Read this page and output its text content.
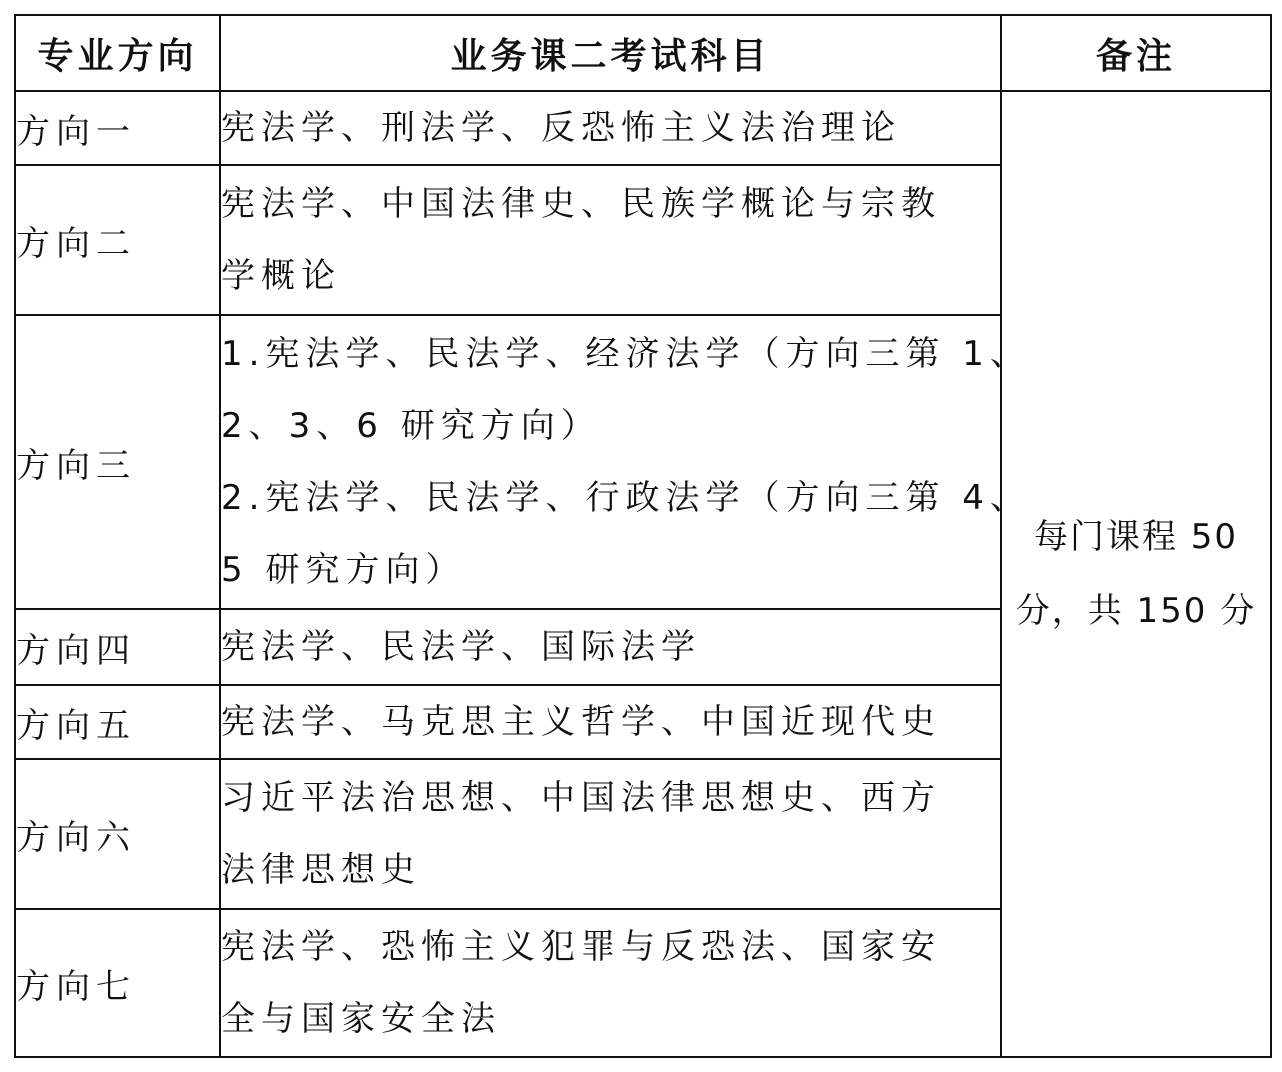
专业方向	业务课二考试科目	备注
方向一	宪法学、刑法学、反恐怖主义法治理论	每门课程 50
分，共 150 分

方向二	宪法学、中国法律史、民族学概论与宗教
学概论	

方向三	1.宪法学、民法学、经济法学（方向三第 1、
2、3、6 研究方向）
2.宪法学、民法学、行政法学（方向三第 4、
5 研究方向）	

方向四	宪法学、民法学、国际法学	

方向五	宪法学、马克思主义哲学、中国近现代史	

方向六	习近平法治思想、中国法律思想史、西方
法律思想史	

方向七	宪法学、恐怖主义犯罪与反恐法、国家安
全与国家安全法	
